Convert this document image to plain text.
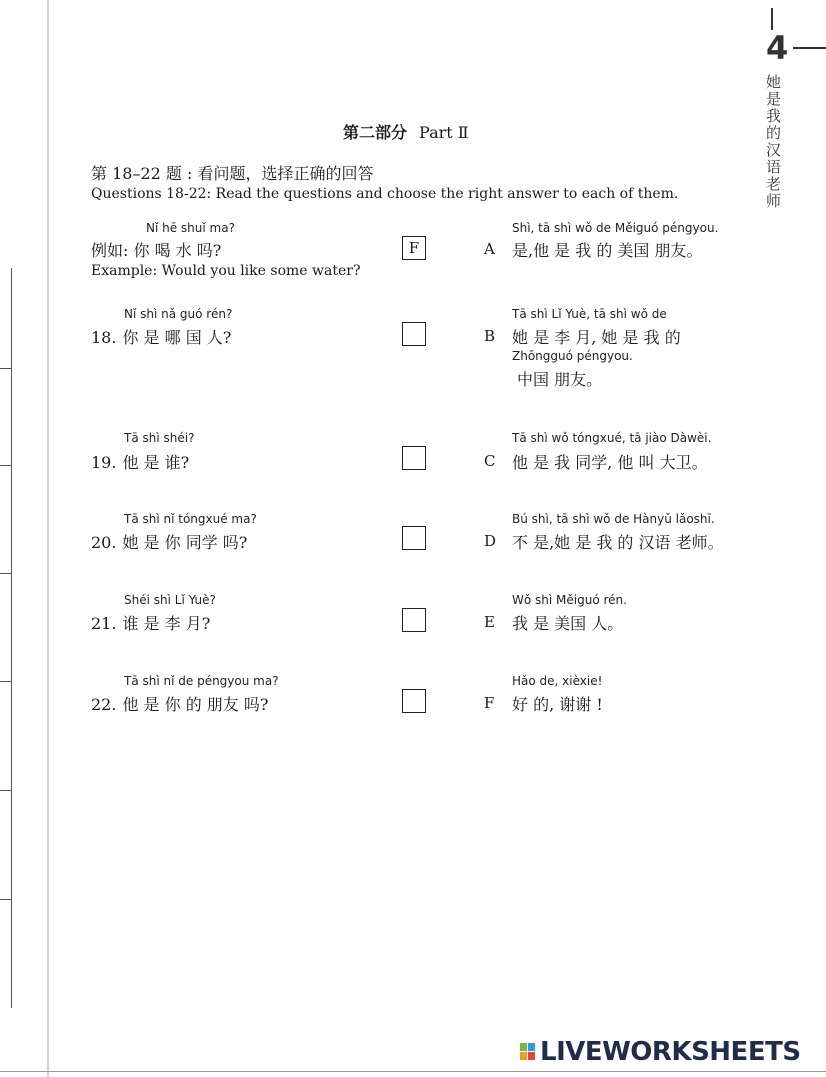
4
她是我的汉语老师
第二部分 Part Ⅱ
第 18–22 题 : 看问题，选择正确的回答
Questions 18-22: Read the questions and choose the right answer to each of them.
Nǐ hē shuǐ ma?
例如: 你 喝 水 吗?
Example: Would you like some water?
F
Nǐ shì nǎ guó rén?
18. 你 是 哪 国 人?
Tā shì shéi?
19. 他 是 谁?
Tā shì nǐ tóngxué ma?
20. 她 是 你 同学 吗?
Shéi shì Lǐ Yuè?
21. 谁 是 李 月?
Tā shì nǐ de péngyou ma?
22. 他 是 你 的 朋友 吗?
A
Shì, tā shì wǒ de Měiguó péngyou.
是,他 是 我 的 美国 朋友。
B
Tā shì Lǐ Yuè, tā shì wǒ de
她 是 李 月, 她 是 我 的
Zhōngguó péngyou.
中国 朋友。
C
Tā shì wǒ tóngxué, tā jiào Dàwèi.
他 是 我 同学, 他 叫 大卫。
D
Bú shì, tā shì wǒ de Hànyǔ lǎoshī.
不 是,她 是 我 的 汉语 老师。
E
Wǒ shì Měiguó rén.
我 是 美国 人。
F
Hǎo de, xièxie!
好 的, 谢谢 !
LIVEWORKSHEETS
